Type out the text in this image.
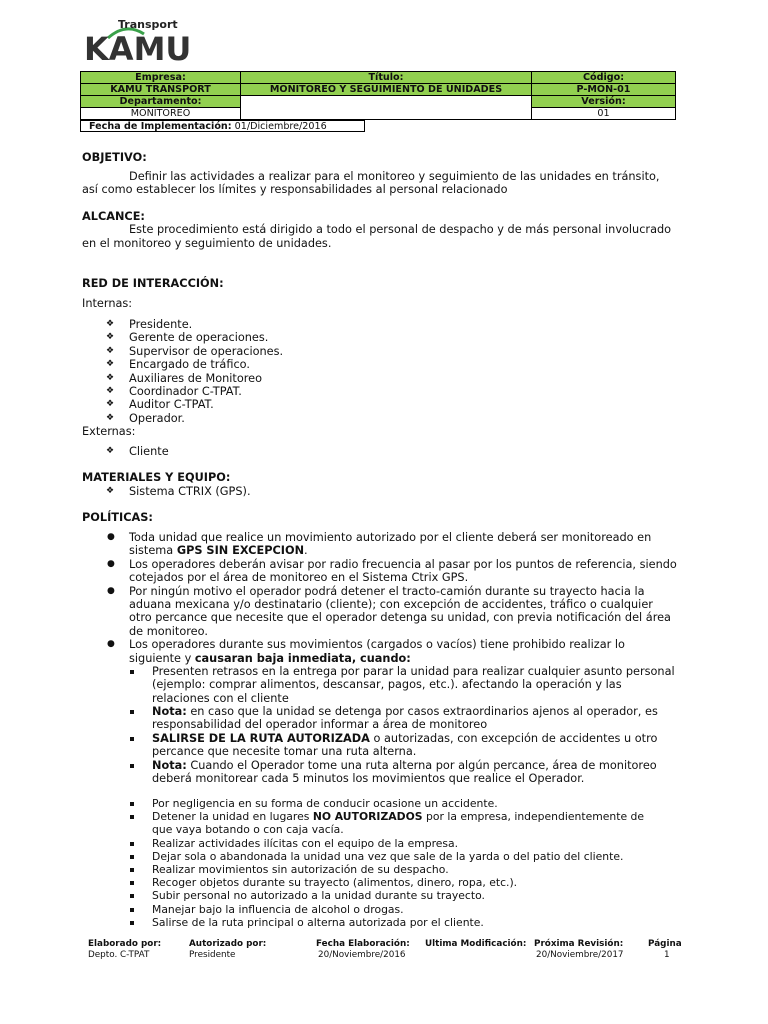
Transport
KAMU
Empresa:	Título:	Código:
KAMU TRANSPORT	MONITOREO Y SEGUIMIENTO DE UNIDADES	P-MON-01
Departamento:		Versión:
MONITOREO		01
Fecha de Implementación: 01/Diciembre/2016
OBJETIVO:
Definir las actividades a realizar para el monitoreo y seguimiento de las unidades en tránsito,
así como establecer los límites y responsabilidades al personal relacionado
ALCANCE:
Este procedimiento está dirigido a todo el personal de despacho y de más personal involucrado
en el monitoreo y seguimiento de unidades.
RED DE INTERACCIÓN:
Internas:
❖ Presidente.
❖ Gerente de operaciones.
❖ Supervisor de operaciones.
❖ Encargado de tráfico.
❖ Auxiliares de Monitoreo
❖ Coordinador C-TPAT.
❖ Auditor C-TPAT.
❖ Operador.
Externas:
❖ Cliente
MATERIALES Y EQUIPO:
❖ Sistema CTRIX (GPS).
POLÍTICAS:
● Toda unidad que realice un movimiento autorizado por el cliente deberá ser monitoreado en
sistema GPS SIN EXCEPCION.
● Los operadores deberán avisar por radio frecuencia al pasar por los puntos de referencia, siendo
cotejados por el área de monitoreo en el Sistema Ctrix GPS.
● Por ningún motivo el operador podrá detener el tracto-camión durante su trayecto hacia la
aduana mexicana y/o destinatario (cliente); con excepción de accidentes, tráfico o cualquier
otro percance que necesite que el operador detenga su unidad, con previa notificación del área
de monitoreo.
● Los operadores durante sus movimientos (cargados o vacíos) tiene prohibido realizar lo
siguiente y causaran baja inmediata, cuando:
Presenten retrasos en la entrega por parar la unidad para realizar cualquier asunto personal
(ejemplo: comprar alimentos, descansar, pagos, etc.). afectando la operación y las
relaciones con el cliente
Nota: en caso que la unidad se detenga por casos extraordinarios ajenos al operador, es
responsabilidad del operador informar a área de monitoreo
SALIRSE DE LA RUTA AUTORIZADA o autorizadas, con excepción de accidentes u otro
percance que necesite tomar una ruta alterna.
Nota: Cuando el Operador tome una ruta alterna por algún percance, área de monitoreo
deberá monitorear cada 5 minutos los movimientos que realice el Operador.
Por negligencia en su forma de conducir ocasione un accidente.
Detener la unidad en lugares NO AUTORIZADOS por la empresa, independientemente de
que vaya botando o con caja vacía.
Realizar actividades ilícitas con el equipo de la empresa.
Dejar sola o abandonada la unidad una vez que sale de la yarda o del patio del cliente.
Realizar movimientos sin autorización de su despacho.
Recoger objetos durante su trayecto (alimentos, dinero, ropa, etc.).
Subir personal no autorizado a la unidad durante su trayecto.
Manejar bajo la influencia de alcohol o drogas.
Salirse de la ruta principal o alterna autorizada por el cliente.
Elaborado por:
Depto. C-TPAT
Autorizado por:
Presidente
Fecha Elaboración:
20/Noviembre/2016
Ultima Modificación: Próxima Revisión:
20/Noviembre/2017
Página
1
